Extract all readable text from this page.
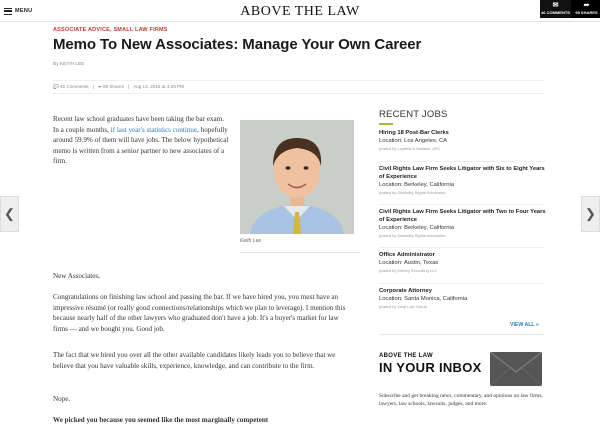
MENU	ABOVE THE LAW	✉
46 COMMENTS
➦
99 SHARES
ASSOCIATE ADVICE, SMALL LAW FIRMS
Memo To New Associates: Manage Your Own Career
By KEITH LEE
💬 46 Comments | ➦ 99 Shares | Aug 13, 2015 at 3:29 PM
Recent law school graduates have been taking the bar exam. In a couple months, if last year's statistics continue, hopefully around 59.9% of them will have jobs. The below hypothetical memo is written from a senior partner to new associates of a firm.
Keith Lee
New Associates,
Congratulations on finishing law school and passing the bar. If we have hired you, you must have an impressive résumé (or really good connections/relationships which we plan to leverage). I mention this because nearly half of the other lawyers who graduated don't have a job. It's a buyer's market for law firms — and we bought you. Good job.
The fact that we hired you over all the other available candidates likely leads you to believe that we believe that you have valuable skills, experience, knowledge, and can contribute to the firm.
Nope.
We picked you because you seemed like the most marginally competent
RECENT JOBS
Hiring 18 Post-Bar Clerks
Location: Los Angeles, CA
posted by Layfield & Wallace, APC
Civil Rights Law Firm Seeks Litigator with Six to Eight Years of Experience
Location: Berkeley, California
posted by Disability Rights Advocates
Civil Rights Law Firm Seeks Litigator with Two to Four Years of Experience
Location: Berkeley, California
posted by Disability Rights Advocates
Office Administrator
Location: Austin, Texas
posted by Kinney Recruiting LLC
Corporate Attorney
Location: Santa Monica, California
posted by Venji Law Group
VIEW ALL »
ABOVE THE LAW
IN YOUR INBOX
Subscribe and get breaking news, commentary, and opinions on law firms, lawyers, law schools, lawsuits, judges, and more.
❮	❯
